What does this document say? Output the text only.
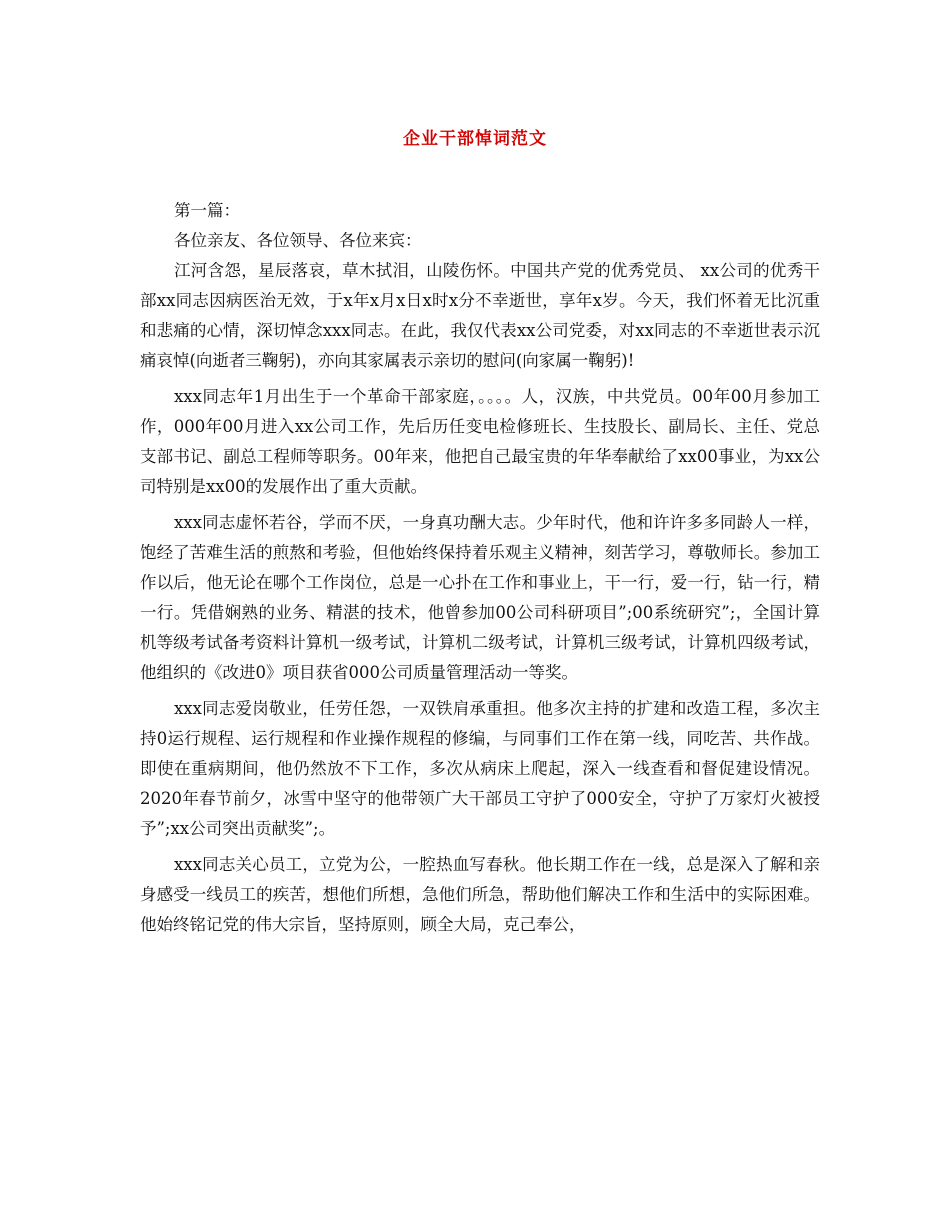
企业干部悼词范文

第一篇：

各位亲友、各位领导、各位来宾：

江河含怨，星辰落哀，草木拭泪，山陵伤怀。中国共产党的优秀党员、 xx公司的优秀干部xx同志因病医治无效，于x年x月x日x时x分不幸逝世，享年x岁。今天，我们怀着无比沉重和悲痛的心情，深切悼念xxx同志。在此，我仅代表xx公司党委，对xx同志的不幸逝世表示沉痛哀悼(向逝者三鞠躬)，亦向其家属表示亲切的慰问(向家属一鞠躬)!

xxx同志年1月出生于一个革命干部家庭，。。。。人，汉族，中共党员。00年00月参加工作，000年00月进入xx公司工作，先后历任变电检修班长、生技股长、副局长、主任、党总支部书记、副总工程师等职务。00年来，他把自己最宝贵的年华奉献给了xx00事业，为xx公司特别是xx00的发展作出了重大贡献。

xxx同志虚怀若谷，学而不厌，一身真功酬大志。少年时代，他和许许多多同龄人一样，饱经了苦难生活的煎熬和考验，但他始终保持着乐观主义精神，刻苦学习，尊敬师长。参加工作以后，他无论在哪个工作岗位，总是一心扑在工作和事业上，干一行，爱一行，钻一行，精一行。凭借娴熟的业务、精湛的技术，他曾参加00公司科研项目”;00系统研究”;，全国计算机等级考试备考资料计算机一级考试，计算机二级考试，计算机三级考试，计算机四级考试，他组织的《改进0》项目获省000公司质量管理活动一等奖。

xxx同志爱岗敬业，任劳任怨，一双铁肩承重担。他多次主持的扩建和改造工程，多次主持0运行规程、运行规程和作业操作规程的修编，与同事们工作在第一线，同吃苦、共作战。即使在重病期间，他仍然放不下工作，多次从病床上爬起，深入一线查看和督促建设情况。2020年春节前夕，冰雪中坚守的他带领广大干部员工守护了000安全，守护了万家灯火被授予”;xx公司突出贡献奖”;。

xxx同志关心员工，立党为公，一腔热血写春秋。他长期工作在一线，总是深入了解和亲身感受一线员工的疾苦，想他们所想，急他们所急，帮助他们解决工作和生活中的实际困难。他始终铭记党的伟大宗旨，坚持原则，顾全大局，克己奉公，
